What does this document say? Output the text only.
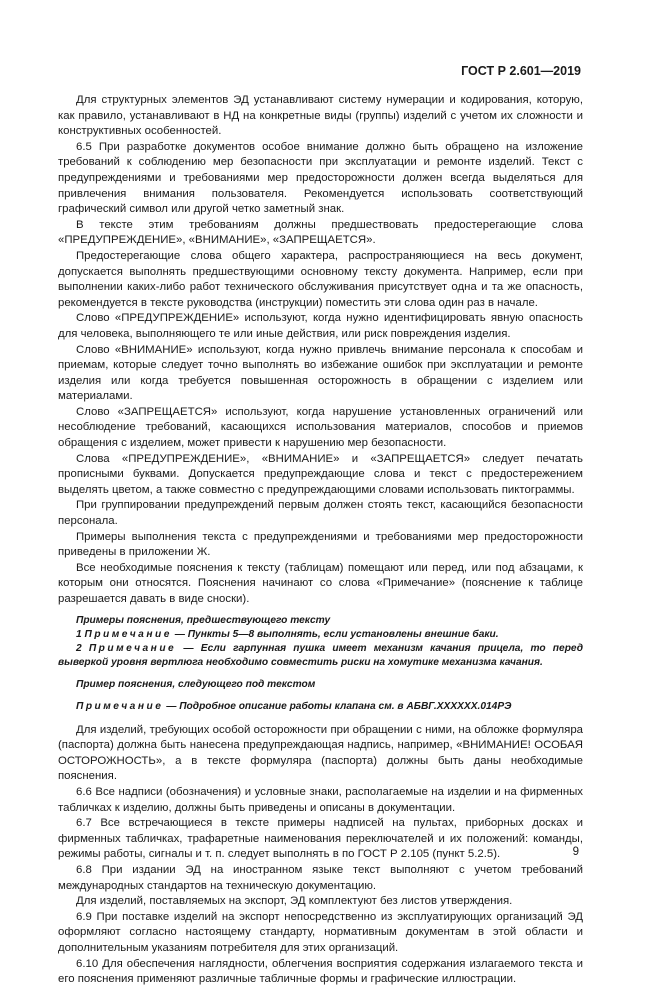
ГОСТ Р 2.601—2019

Для структурных элементов ЭД устанавливают систему нумерации и кодирования, которую, как правило, устанавливают в НД на конкретные виды (группы) изделий с учетом их сложности и конструктивных особенностей.

6.5 При разработке документов особое внимание должно быть обращено на изложение требований к соблюдению мер безопасности при эксплуатации и ремонте изделий. Текст с предупреждениями и требованиями мер предосторожности должен всегда выделяться для привлечения внимания пользователя. Рекомендуется использовать соответствующий графический символ или другой четко заметный знак.

В тексте этим требованиям должны предшествовать предостерегающие слова «ПРЕДУПРЕЖДЕНИЕ», «ВНИМАНИЕ», «ЗАПРЕЩАЕТСЯ».

Предостерегающие слова общего характера, распространяющиеся на весь документ, допускается выполнять предшествующими основному тексту документа. Например, если при выполнении каких-либо работ технического обслуживания присутствует одна и та же опасность, рекомендуется в тексте руководства (инструкции) поместить эти слова один раз в начале.

Слово «ПРЕДУПРЕЖДЕНИЕ» используют, когда нужно идентифицировать явную опасность для человека, выполняющего те или иные действия, или риск повреждения изделия.

Слово «ВНИМАНИЕ» используют, когда нужно привлечь внимание персонала к способам и приемам, которые следует точно выполнять во избежание ошибок при эксплуатации и ремонте изделия или когда требуется повышенная осторожность в обращении с изделием или материалами.

Слово «ЗАПРЕЩАЕТСЯ» используют, когда нарушение установленных ограничений или несоблюдение требований, касающихся использования материалов, способов и приемов обращения с изделием, может привести к нарушению мер безопасности.

Слова «ПРЕДУПРЕЖДЕНИЕ», «ВНИМАНИЕ» и «ЗАПРЕЩАЕТСЯ» следует печатать прописными буквами. Допускается предупреждающие слова и текст с предостережением выделять цветом, а также совместно с предупреждающими словами использовать пиктограммы.

При группировании предупреждений первым должен стоять текст, касающийся безопасности персонала.

Примеры выполнения текста с предупреждениями и требованиями мер предосторожности приведены в приложении Ж.

Все необходимые пояснения к тексту (таблицам) помещают или перед, или под абзацами, к которым они относятся. Пояснения начинают со слова «Примечание» (пояснение к таблице разрешается давать в виде сноски).

Примеры пояснения, предшествующего тексту

1 Примечание — Пункты 5—8 выполнять, если установлены внешние баки.

2 Примечание — Если гарпунная пушка имеет механизм качания прицела, то перед выверкой уровня вертлюга необходимо совместить риски на хомутике механизма качания.

Пример пояснения, следующего под текстом

Примечание — Подробное описание работы клапана см. в АБВГ.XXXXXX.014РЭ

Для изделий, требующих особой осторожности при обращении с ними, на обложке формуляра (паспорта) должна быть нанесена предупреждающая надпись, например, «ВНИМАНИЕ! ОСОБАЯ ОСТОРОЖНОСТЬ», а в тексте формуляра (паспорта) должны быть даны необходимые пояснения.

6.6 Все надписи (обозначения) и условные знаки, располагаемые на изделии и на фирменных табличках к изделию, должны быть приведены и описаны в документации.

6.7 Все встречающиеся в тексте примеры надписей на пультах, приборных досках и фирменных табличках, трафаретные наименования переключателей и их положений: команды, режимы работы, сигналы и т. п. следует выполнять в по ГОСТ Р 2.105 (пункт 5.2.5).

6.8 При издании ЭД на иностранном языке текст выполняют с учетом требований международных стандартов на техническую документацию.

Для изделий, поставляемых на экспорт, ЭД комплектуют без листов утверждения.

6.9 При поставке изделий на экспорт непосредственно из эксплуатирующих организаций ЭД оформляют согласно настоящему стандарту, нормативным документам в этой области и дополнительным указаниям потребителя для этих организаций.

6.10 Для обеспечения наглядности, облегчения восприятия содержания излагаемого текста и его пояснения применяют различные табличные формы и графические иллюстрации.

9
